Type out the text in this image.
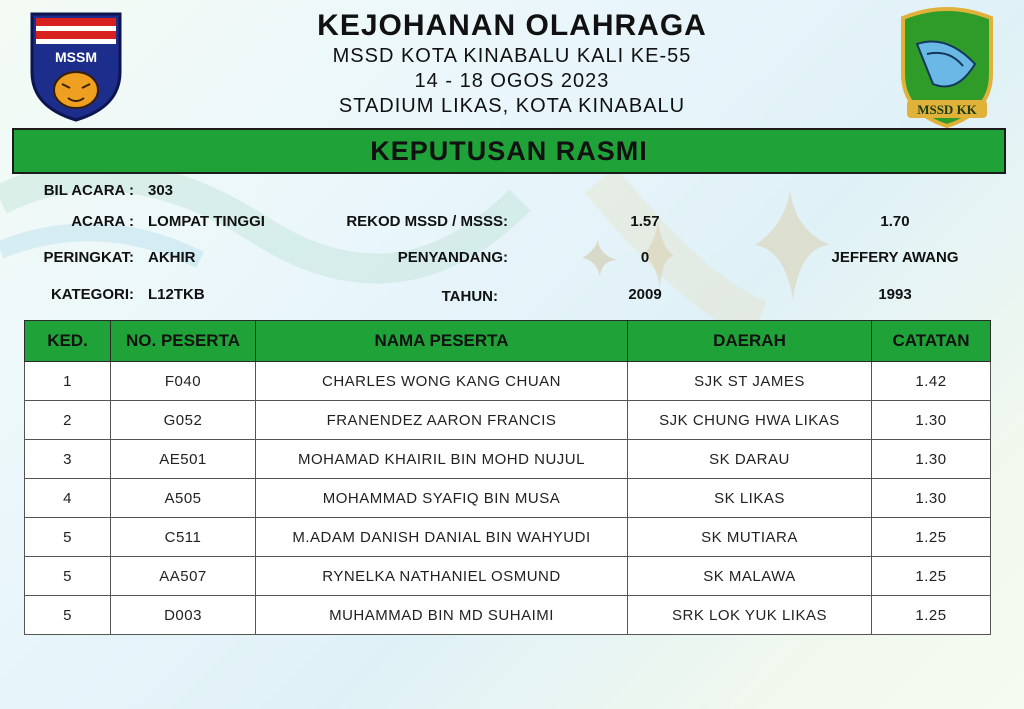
MSSM
MSSD KK
KEJOHANAN OLAHRAGA
MSSD KOTA KINABALU KALI KE-55
14 - 18 OGOS 2023
STADIUM LIKAS, KOTA KINABALU
KEPUTUSAN RASMI
BIL ACARA : 303
ACARA : LOMPAT TINGGI
PERINGKAT: AKHIR
KATEGORI: L12TKB
REKOD MSSD / MSSS:	1.57	1.70
PENYANDANG:	0	JEFFERY AWANG
TAHUN:	2009	1993
KED.	NO. PESERTA	NAMA PESERTA	DAERAH	CATATAN
1	F040	CHARLES WONG KANG CHUAN	SJK ST JAMES	1.42
2	G052	FRANENDEZ AARON FRANCIS	SJK CHUNG HWA LIKAS	1.30
3	AE501	MOHAMAD KHAIRIL BIN MOHD NUJUL	SK DARAU	1.30
4	A505	MOHAMMAD SYAFIQ BIN MUSA	SK LIKAS	1.30
5	C511	M.ADAM DANISH DANIAL BIN WAHYUDI	SK MUTIARA	1.25
5	AA507	RYNELKA NATHANIEL OSMUND	SK MALAWA	1.25
5	D003	MUHAMMAD BIN MD SUHAIMI	SRK LOK YUK LIKAS	1.25
